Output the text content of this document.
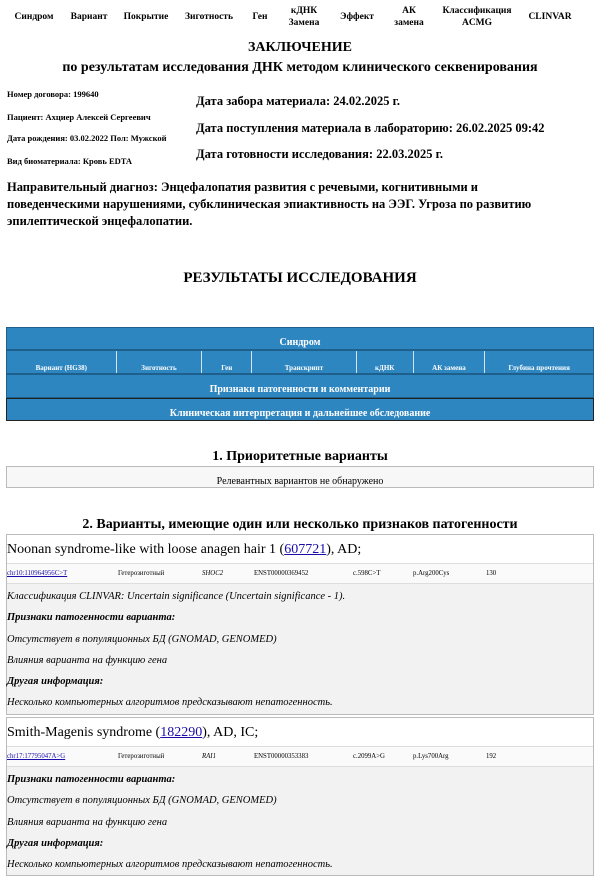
Синдром	Вариант	Покрытие	Зиготность	Ген
кДНК Замена
Эффект
АК замена
Классификация ACMG
CLINVAR
ЗАКЛЮЧЕНИЕ
по результатам исследования ДНК методом клинического секвенирования
Номер договора: 199640
Пациент: Ахциер Алексей Сергеевич
Дата рождения: 03.02.2022 Пол: Мужской
Вид биоматериала: Кровь EDTA
Дата забора материала: 24.02.2025 г.
Дата поступления материала в лабораторию: 26.02.2025 09:42
Дата готовности исследования: 22.03.2025 г.
Направительный диагноз: Энцефалопатия развития с речевыми, когнитивными и поведенческими нарушениями, субклиническая эпиактивность на ЭЭГ. Угроза по развитию эпилептической энцефалопатии.
РЕЗУЛЬТАТЫ ИССЛЕДОВАНИЯ
Синдром
Вариант (HG38)	Зиготность	Ген	Транскрипт	кДНК	АК замена	Глубина прочтения
Признаки патогенности и комментарии
Клиническая интерпретация и дальнейшее обследование
1. Приоритетные варианты
Релевантных вариантов не обнаружено
2. Варианты, имеющие один или несколько признаков патогенности
Noonan syndrome-like with loose anagen hair 1 (607721), AD;
chr10:110964956C>T	Гетерозиготный	SHOC2	ENST00000369452	c.598C>T	p.Arg200Cys	130
Классификация CLINVAR: Uncertain significance (Uncertain significance - 1).
Признаки патогенности варианта:
Отсутствует в популяционных БД (GNOMAD, GENOMED)
Влияния варианта на функцию гена
Другая информация:
Несколько компьютерных алгоритмов предсказывают непатогенность.
Smith-Magenis syndrome (182290), AD, IC;
chr17:17795047A>G	Гетерозиготный	RAI1	ENST00000353383	c.2099A>G	p.Lys700Arg	192
Признаки патогенности варианта:
Отсутствует в популяционных БД (GNOMAD, GENOMED)
Влияния варианта на функцию гена
Другая информация:
Несколько компьютерных алгоритмов предсказывают непатогенность.
